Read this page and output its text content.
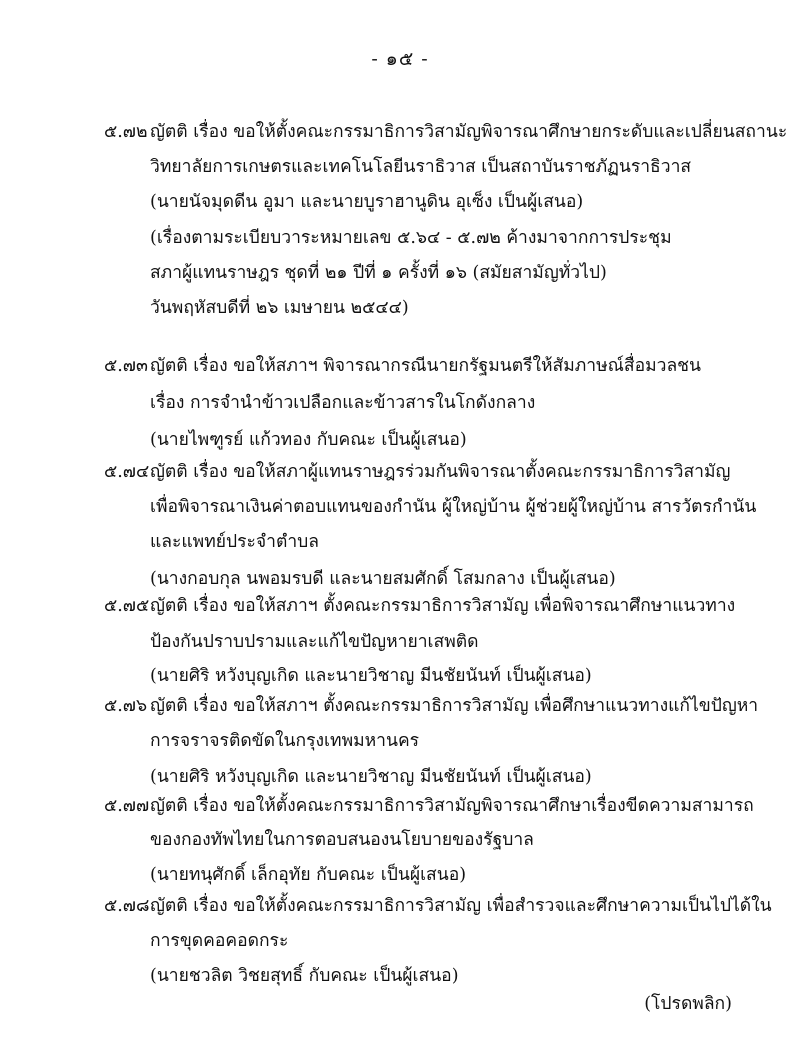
- ๑๕ -
๕.๗๒ ญัตติ เรื่อง ขอให้ตั้งคณะกรรมาธิการวิสามัญพิจารณาศึกษายกระดับและเปลี่ยนสถานะ
วิทยาลัยการเกษตรและเทคโนโลยีนราธิวาส เป็นสถาบันราชภัฏนราธิวาส
(นายนัจมุดดีน อูมา และนายบูราฮานูดิน อุเซ็ง เป็นผู้เสนอ)
(เรื่องตามระเบียบวาระหมายเลข ๕.๖๔ - ๕.๗๒ ค้างมาจากการประชุม
สภาผู้แทนราษฎร ชุดที่ ๒๑ ปีที่ ๑ ครั้งที่ ๑๖ (สมัยสามัญทั่วไป)
วันพฤหัสบดีที่ ๒๖ เมษายน ๒๕๔๔)
๕.๗๓ ญัตติ เรื่อง ขอให้สภาฯ พิจารณากรณีนายกรัฐมนตรีให้สัมภาษณ์สื่อมวลชน
เรื่อง การจำนำข้าวเปลือกและข้าวสารในโกดังกลาง
(นายไพฑูรย์ แก้วทอง กับคณะ เป็นผู้เสนอ)
๕.๗๔ ญัตติ เรื่อง ขอให้สภาผู้แทนราษฎรร่วมกันพิจารณาตั้งคณะกรรมาธิการวิสามัญ
เพื่อพิจารณาเงินค่าตอบแทนของกำนัน ผู้ใหญ่บ้าน ผู้ช่วยผู้ใหญ่บ้าน สารวัตรกำนัน
และแพทย์ประจำตำบล
(นางกอบกุล นพอมรบดี และนายสมศักดิ์ โสมกลาง เป็นผู้เสนอ)
๕.๗๕ ญัตติ เรื่อง ขอให้สภาฯ ตั้งคณะกรรมาธิการวิสามัญ เพื่อพิจารณาศึกษาแนวทาง
ป้องกันปราบปรามและแก้ไขปัญหายาเสพติด
(นายศิริ หวังบุญเกิด และนายวิชาญ มีนชัยนันท์ เป็นผู้เสนอ)
๕.๗๖ ญัตติ เรื่อง ขอให้สภาฯ ตั้งคณะกรรมาธิการวิสามัญ เพื่อศึกษาแนวทางแก้ไขปัญหา
การจราจรติดขัดในกรุงเทพมหานคร
(นายศิริ หวังบุญเกิด และนายวิชาญ มีนชัยนันท์ เป็นผู้เสนอ)
๕.๗๗ ญัตติ เรื่อง ขอให้ตั้งคณะกรรมาธิการวิสามัญพิจารณาศึกษาเรื่องขีดความสามารถ
ของกองทัพไทยในการตอบสนองนโยบายของรัฐบาล
(นายทนุศักดิ์ เล็กอุทัย กับคณะ เป็นผู้เสนอ)
๕.๗๘ ญัตติ เรื่อง ขอให้ตั้งคณะกรรมาธิการวิสามัญ เพื่อสำรวจและศึกษาความเป็นไปได้ใน
การขุดคอคอดกระ
(นายชวลิต วิชยสุทธิ์ กับคณะ เป็นผู้เสนอ)
(โปรดพลิก)
